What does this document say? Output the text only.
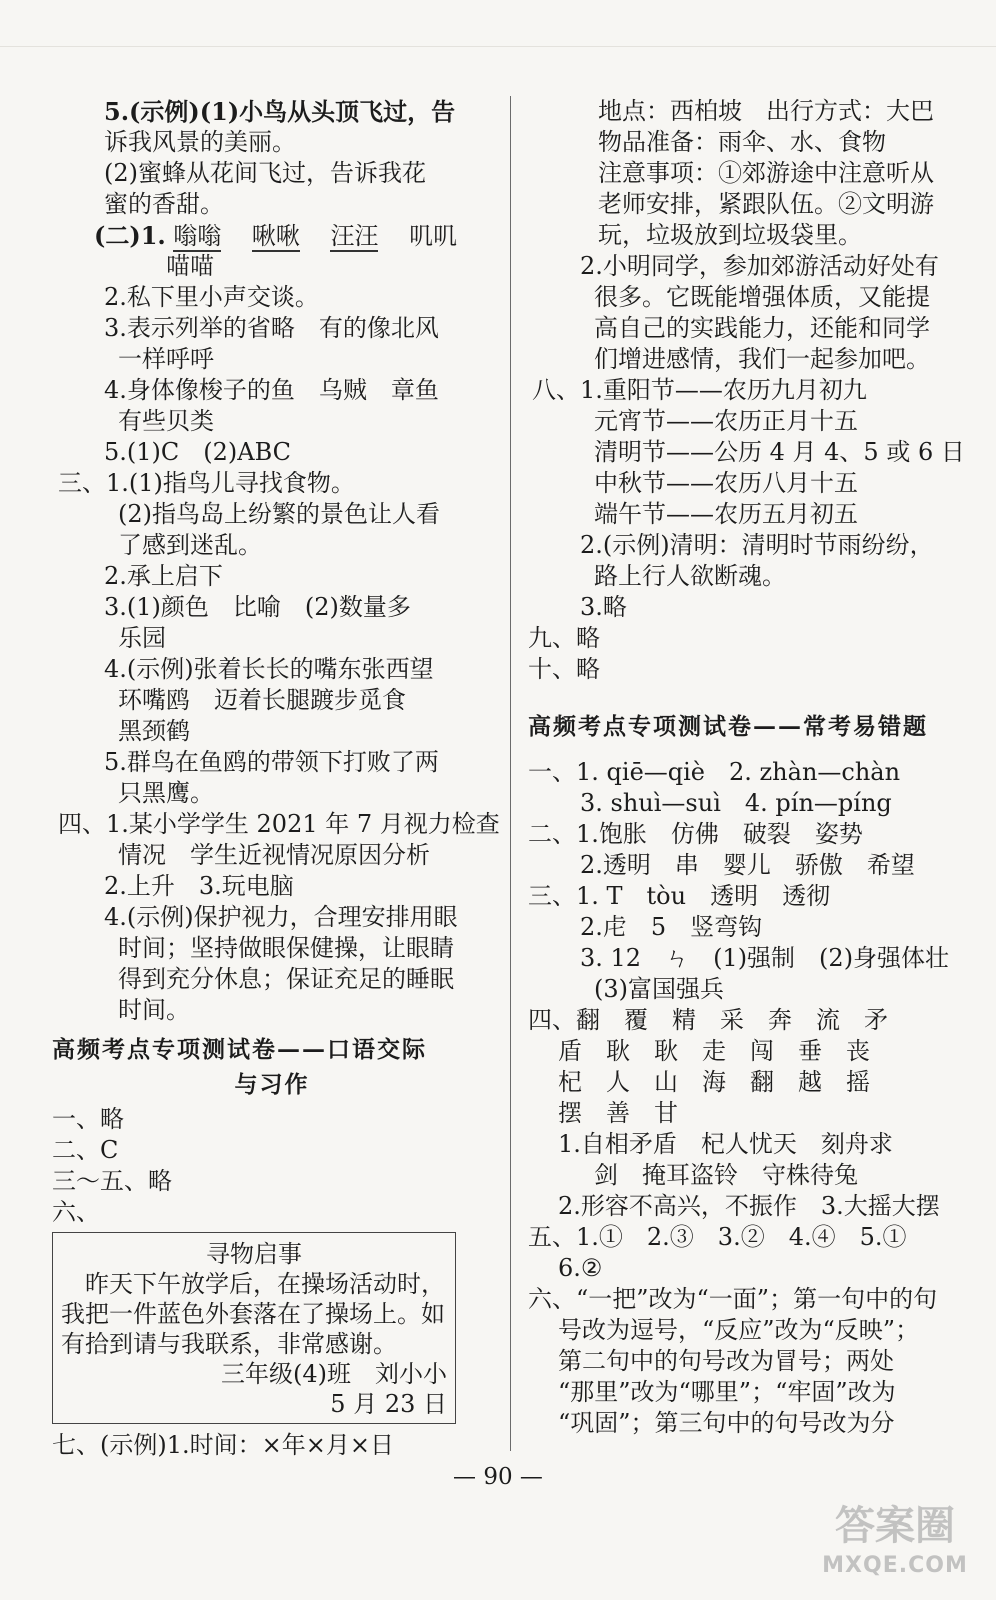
5.(示例)(1)小鸟从头顶飞过，告
诉我风景的美丽。
(2)蜜蜂从花间飞过，告诉我花
蜜的香甜。
(二)1. 嗡嗡 啾啾 汪汪 叽叽
喵喵
2.私下里小声交谈。
3.表示列举的省略　有的像北风
一样呼呼
4.身体像梭子的鱼　乌贼　章鱼
有些贝类
5.(1)C　(2)ABC
三、1.(1)指鸟儿寻找食物。
(2)指鸟岛上纷繁的景色让人看
了感到迷乱。
2.承上启下
3.(1)颜色　比喻　(2)数量多
乐园
4.(示例)张着长长的嘴东张西望
环嘴鸥　迈着长腿踱步觅食
黑颈鹤
5.群鸟在鱼鸥的带领下打败了两
只黑鹰。
四、1.某小学学生 2021 年 7 月视力检查
情况　学生近视情况原因分析
2.上升　3.玩电脑
4.(示例)保护视力，合理安排用眼
时间；坚持做眼保健操，让眼睛
得到充分休息；保证充足的睡眠
时间。
高频考点专项测试卷——口语交际
与习作
一、略
二、C
三～五、略
六、
寻物启事
　昨天下午放学后，在操场活动时，
我把一件蓝色外套落在了操场上。如
有拾到请与我联系，非常感谢。
三年级(4)班　刘小小
5 月 23 日
七、(示例)1.时间：×年×月×日
地点：西柏坡　出行方式：大巴
物品准备：雨伞、水、食物
注意事项：①郊游途中注意听从
老师安排，紧跟队伍。②文明游
玩，垃圾放到垃圾袋里。
2.小明同学，参加郊游活动好处有
很多。它既能增强体质，又能提
高自己的实践能力，还能和同学
们增进感情，我们一起参加吧。
八、1.重阳节——农历九月初九
元宵节——农历正月十五
清明节——公历 4 月 4、5 或 6 日
中秋节——农历八月十五
端午节——农历五月初五
2.(示例)清明：清明时节雨纷纷，
路上行人欲断魂。
3.略
九、略
十、略
高频考点专项测试卷——常考易错题
一、1. qiē—qiè　2. zhàn—chàn
3. shuì—suì　4. pín—píng
二、1.饱胀　仿佛　破裂　姿势
2.透明　串　婴儿　骄傲　希望
三、1. T　tòu　透明　透彻
2.虍　5　竖弯钩
3. 12　ㄣ　(1)强制　(2)身强体壮
(3)富国强兵
四、翻　覆　精　采　奔　流　矛
盾　耿　耿　走　闯　垂　丧
杞　人　山　海　翻　越　摇
摆　善　甘
1.自相矛盾　杞人忧天　刻舟求
剑　掩耳盗铃　守株待兔
2.形容不高兴，不振作　3.大摇大摆
五、1.①　2.③　3.②　4.④　5.①
6.②
六、“一把”改为“一面”；第一句中的句
号改为逗号，“反应”改为“反映”；
第二句中的句号改为冒号；两处
“那里”改为“哪里”；“牢固”改为
“巩固”；第三句中的句号改为分
— 90 —
答案圈
MXQE.COM
